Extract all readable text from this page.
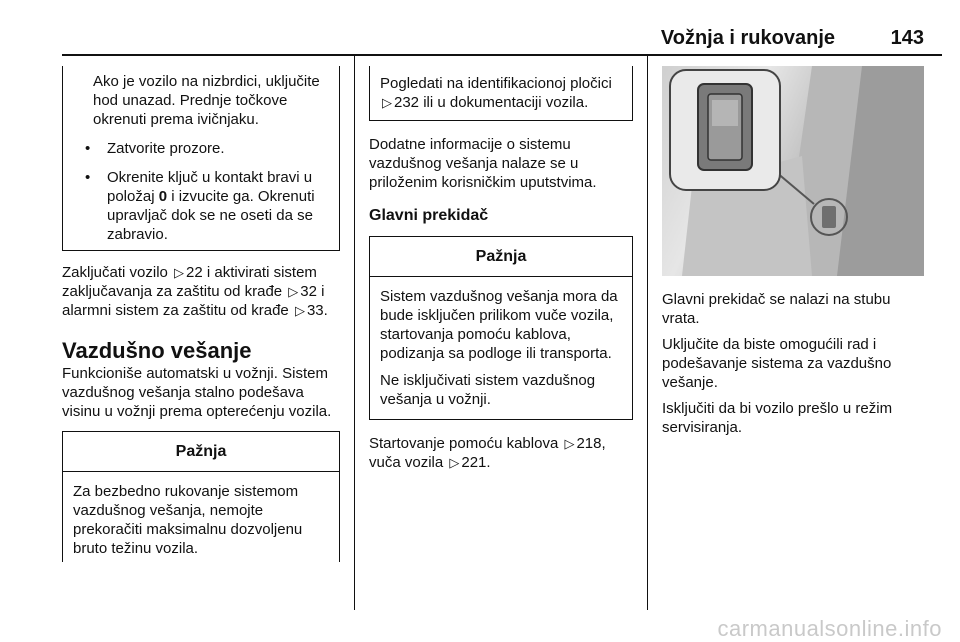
Vožnja i rukovanje	143
Ako je vozilo na nizbrdici, uključite hod unazad. Prednje točkove okrenuti prema ivičnjaku.
• Zatvorite prozore.
• Okrenite ključ u kontakt bravi u položaj 0 i izvucite ga. Okrenuti upravljač dok se ne oseti da se zabravio.

Zaključati vozilo ▷ 22 i aktivirati sistem zaključavanja za zaštitu od krađe ▷ 32 i alarmni sistem za zaštitu od krađe ▷ 33.

Vazdušno vešanje

Funkcioniše automatski u vožnji. Sistem vazdušnog vešanja stalno podešava visinu u vožnji prema opterećenju vozila.

Pažnja
Za bezbedno rukovanje sistemom vazdušnog vešanja, nemojte prekoračiti maksimalnu dozvoljenu bruto težinu vozila.
Pogledati na identifikacionoj pločici ▷ 232 ili u dokumentaciji vozila.

Dodatne informacije o sistemu vazdušnog vešanja nalaze se u priloženim korisničkim uputstvima.

Glavni prekidač
Pažnja

Sistem vazdušnog vešanja mora da bude isključen prilikom vuče vozila, startovanja pomoću kablova, podizanja sa podloge ili transporta.

Ne isključivati sistem vazdušnog vešanja u vožnji.

Startovanje pomoću kablova ▷ 218, vuča vozila ▷ 221.

Glavni prekidač se nalazi na stubu vrata.

Uključite da biste omogućili rad i podešavanje sistema za vazdušno vešanje.

Isključiti da bi vozilo prešlo u režim servisiranja.

carmanualsonline.info
